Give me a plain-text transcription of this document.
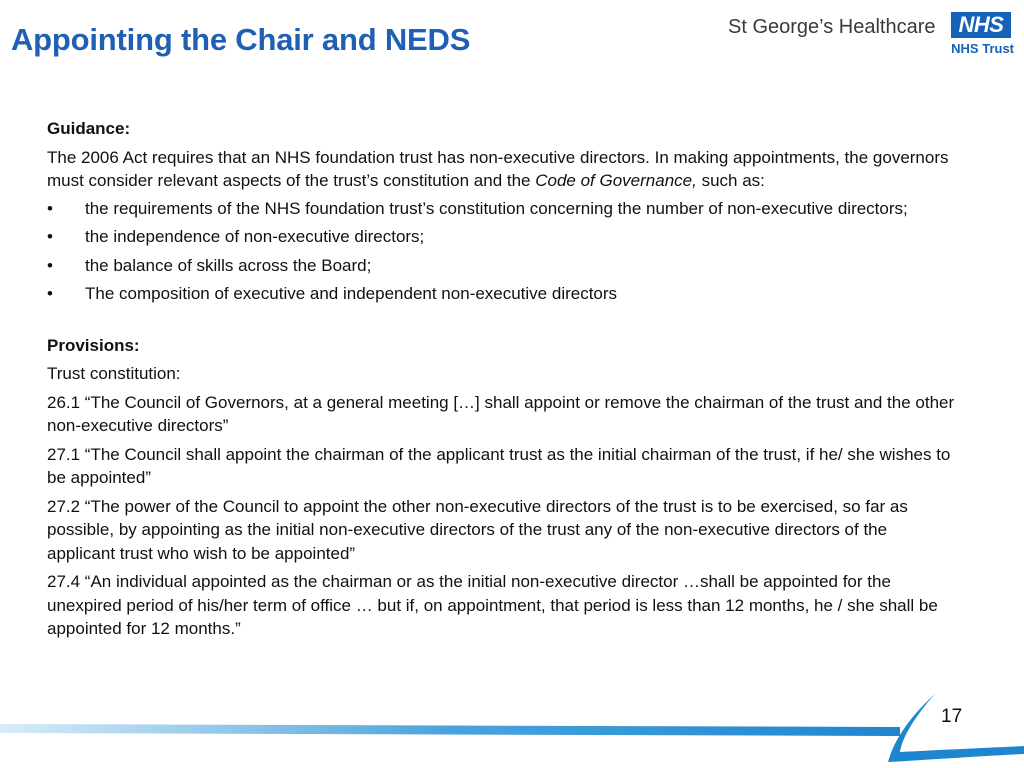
Appointing the Chair and NEDS	St George’s Healthcare	NHS
NHS Trust

Guidance:

The 2006 Act requires that an NHS foundation trust has non-executive directors. In making appointments, the governors must consider relevant aspects of the trust’s constitution and the Code of Governance, such as:

• the requirements of the NHS foundation trust’s constitution concerning the number of non-executive directors;
• the independence of non-executive directors;
• the balance of skills across the Board;
• The composition of executive and independent non-executive directors

Provisions:

Trust constitution:

26.1 “The Council of Governors, at a general meeting […] shall appoint or remove the chairman of the trust and the other non-executive directors”

27.1 “The Council shall appoint the chairman of the applicant trust as the initial chairman of the trust, if he/ she wishes to be appointed”

27.2 “The power of the Council to appoint the other non-executive directors of the trust is to be exercised, so far as possible, by appointing as the initial non-executive directors of the trust any of the non-executive directors of the applicant trust who wish to be appointed”

27.4 “An individual appointed as the chairman or as the initial non-executive director …shall be appointed for the unexpired period of his/her term of office … but if, on appointment, that period is less than 12 months, he / she shall be appointed for 12 months.”

17
